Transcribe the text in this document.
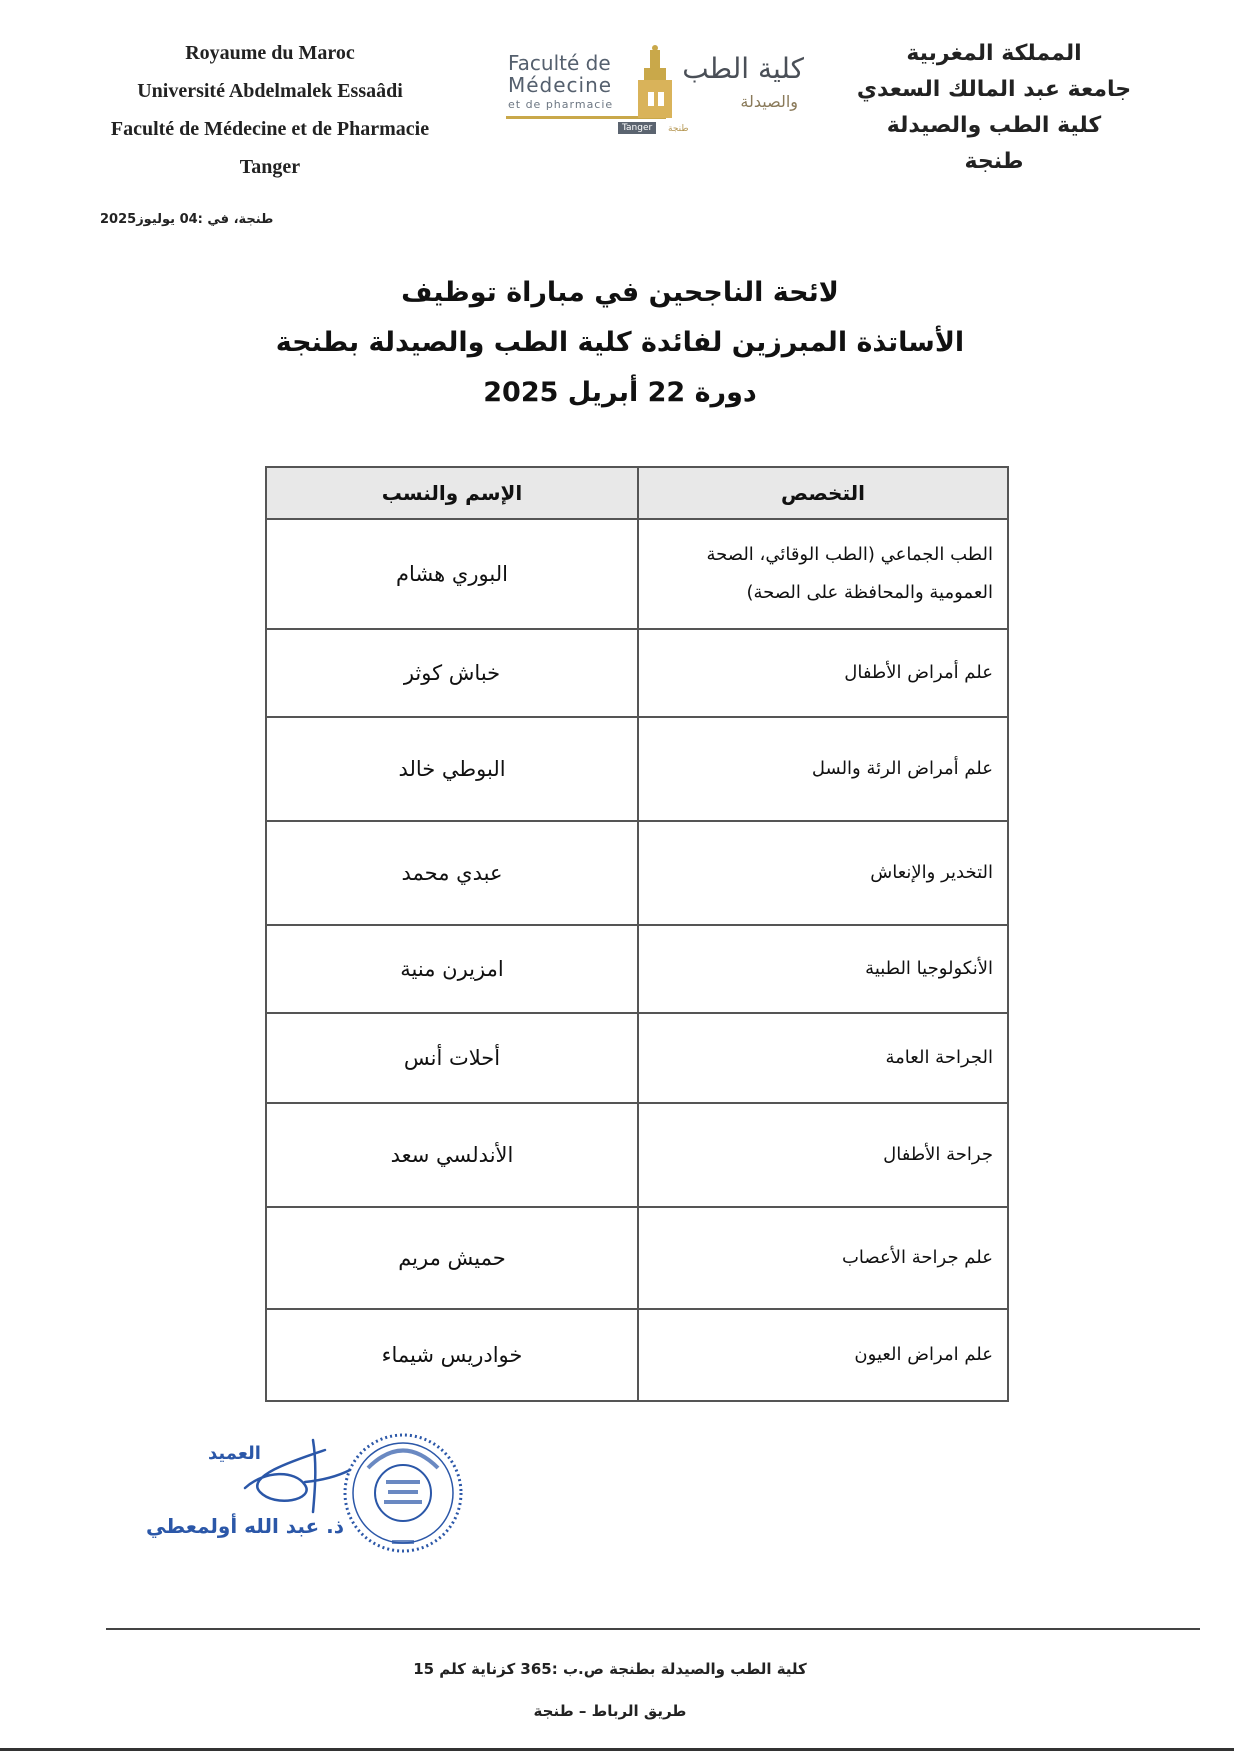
Royaume du Maroc
Université Abdelmalek Essaâdi
Faculté de Médecine et de Pharmacie
Tanger
Faculté de
Médecine
et de pharmacie
كلية الطب
والصيدلة
Tanger	طنجة
المملكة المغربية
جامعة عبد المالك السعدي
كلية الطب والصيدلة
طنجة
طنجة، في :04 يوليوز2025
لائحة الناجحين في مباراة توظيف
الأساتذة المبرزين لفائدة كلية الطب والصيدلة بطنجة
دورة 22 أبريل 2025
التخصص	الإسم والنسب
الطب الجماعي (الطب الوقائي، الصحة العمومية والمحافظة على الصحة)	البوري هشام
علم أمراض الأطفال	خباش كوثر
علم أمراض الرئة والسل	البوطي خالد
التخدير والإنعاش	عبدي محمد
الأنكولوجيا الطبية	امزيرن منية
الجراحة العامة	أحلات أنس
جراحة الأطفال	الأندلسي سعد
علم جراحة الأعصاب	حميش مريم
علم امراض العيون	خوادريس شيماء
العميد
ذ. عبد الله أولمعطي
كلية الطب والصيدلة بطنجة ص.ب :365 كزناية كلم 15
طريق الرباط – طنجة
